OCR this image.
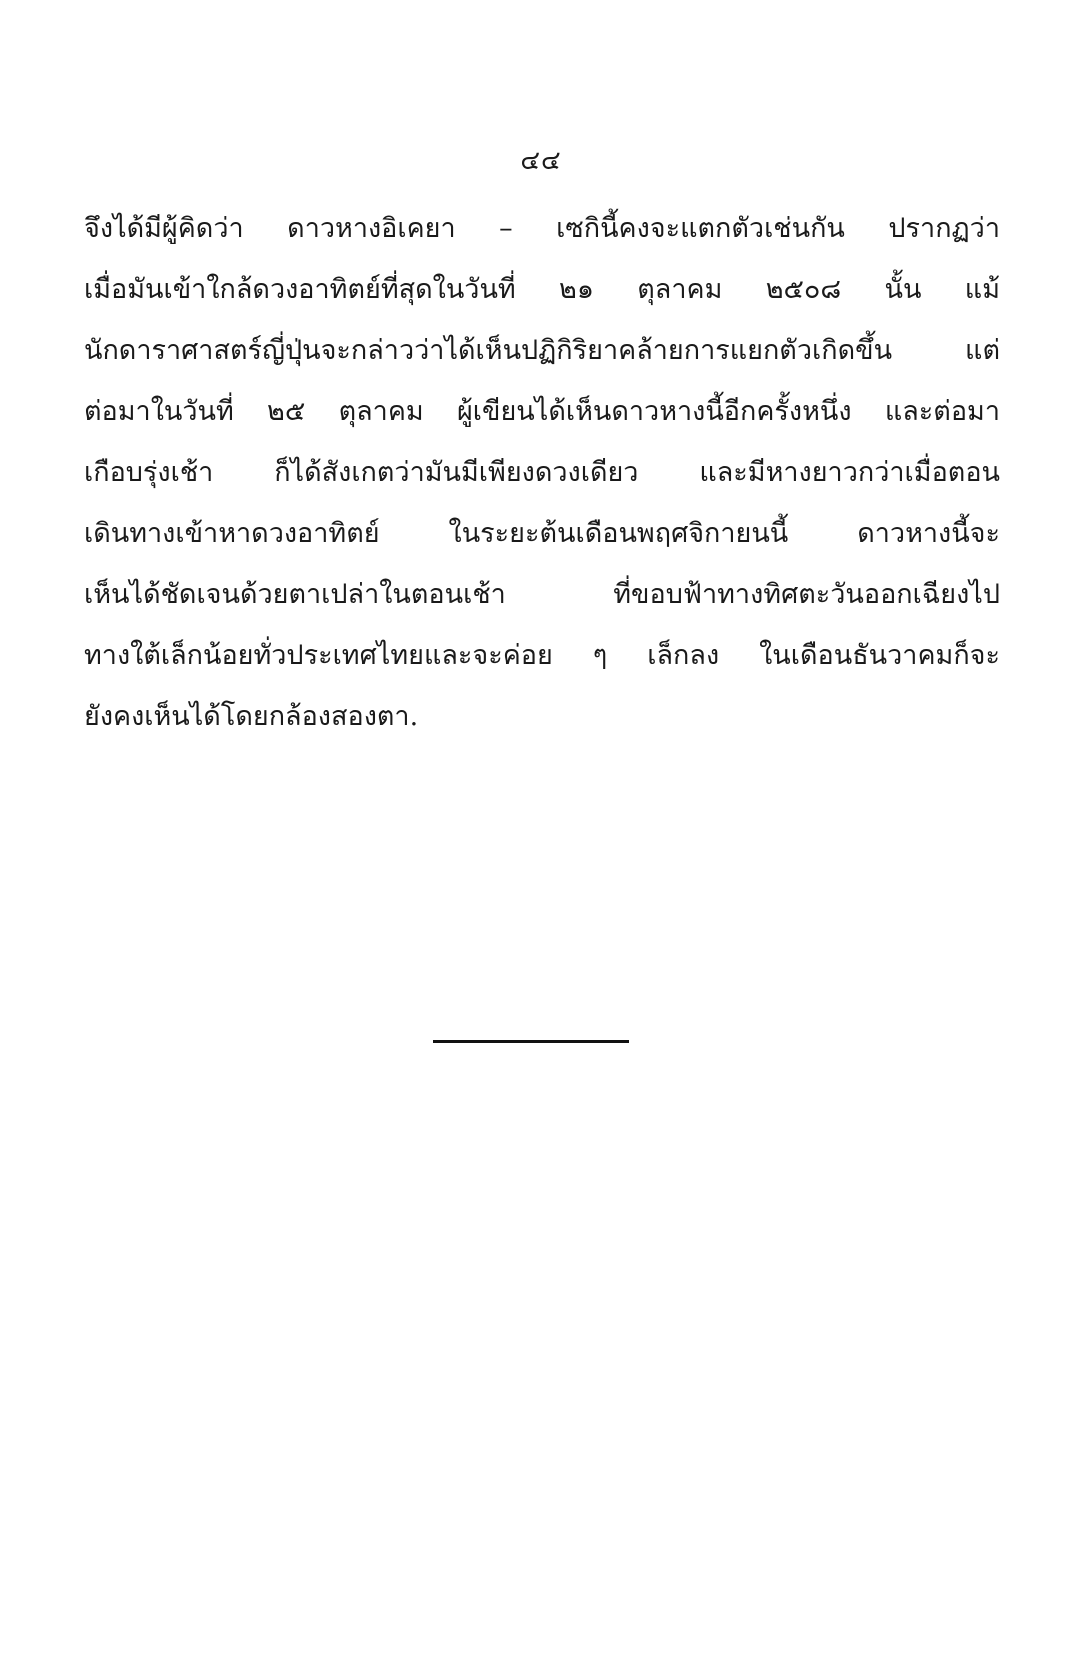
๔๔
จึงได้มีผู้คิดว่า ดาวหางอิเคยา – เซกินี้คงจะแตกตัวเช่นกัน ปรากฏว่า
เมื่อมันเข้าใกล้ดวงอาทิตย์ที่สุดในวันที่ ๒๑ ตุลาคม ๒๕๐๘ นั้น แม้
นักดาราศาสตร์ญี่ปุ่นจะกล่าวว่าได้เห็นปฏิกิริยาคล้ายการแยกตัวเกิดขึ้น แต่
ต่อมาในวันที่ ๒๕ ตุลาคม ผู้เขียนได้เห็นดาวหางนี้อีกครั้งหนึ่ง และต่อมา
เกือบรุ่งเช้า ก็ได้สังเกตว่ามันมีเพียงดวงเดียว และมีหางยาวกว่าเมื่อตอน
เดินทางเข้าหาดวงอาทิตย์ ในระยะต้นเดือนพฤศจิกายนนี้ ดาวหางนี้จะ
เห็นได้ชัดเจนด้วยตาเปล่าในตอนเช้า ที่ขอบฟ้าทางทิศตะวันออกเฉียงไป
ทางใต้เล็กน้อยทั่วประเทศไทยและจะค่อย ๆ เล็กลง ในเดือนธันวาคมก็จะ
ยังคงเห็นได้โดยกล้องสองตา.
